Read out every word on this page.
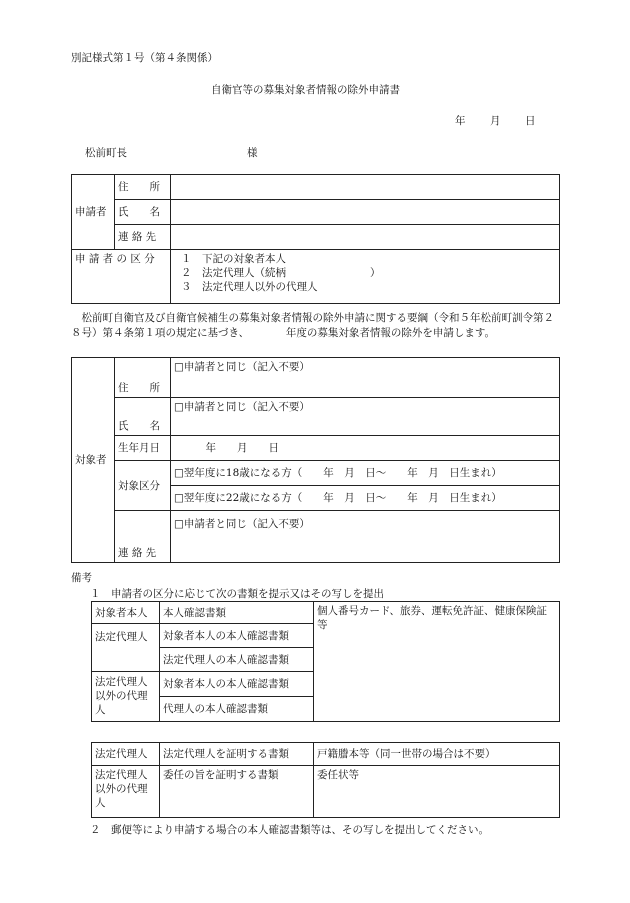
別記様式第１号（第４条関係）
自衛官等の募集対象者情報の除外申請書
年 月 日
松前町長	様
申請者	住　　所	
	氏　　名	
	連 絡 先	
申 請 者 の 区 分		１　下記の対象者本人
２　法定代理人（続柄　　　　　　　　）
３　法定代理人以外の代理人
　松前町自衛官及び自衛官候補生の募集対象者情報の除外申請に関する要綱（令和５年松前町訓令第２８号）第４条第１項の規定に基づき、　　　　年度の募集対象者情報の除外を申請します。
対象者	住　　所	□申請者と同じ（記入不要）
	氏　　名	□申請者と同じ（記入不要）
	生年月日	　　　年　　月　　日
	対象区分	□翌年度に18歳になる方（　　年　月　日～　　年　月　日生まれ）
		□翌年度に22歳になる方（　　年　月　日～　　年　月　日生まれ）
	連 絡 先	□申請者と同じ（記入不要）
備考
１　申請者の区分に応じて次の書類を提示又はその写しを提出
対象者本人	本人確認書類	個人番号カード、旅券、運転免許証、健康保険証等
法定代理人	対象者本人の本人確認書類	
	法定代理人の本人確認書類	
法定代理人以外の代理人	対象者本人の本人確認書類	
	代理人の本人確認書類	
法定代理人	法定代理人を証明する書類	戸籍謄本等（同一世帯の場合は不要）
法定代理人以外の代理人	委任の旨を証明する書類	委任状等
２　郵便等により申請する場合の本人確認書類等は、その写しを提出してください。
